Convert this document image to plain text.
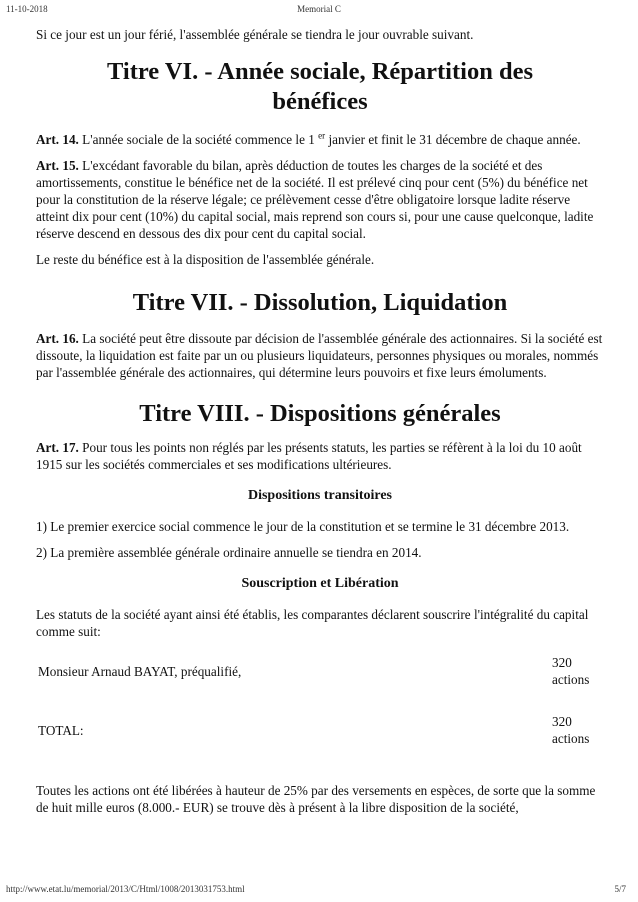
11-10-2018	Memorial C

Si ce jour est un jour férié, l'assemblée générale se tiendra le jour ouvrable suivant.

Titre VI. - Année sociale, Répartition des bénéfices

Art. 14. L'année sociale de la société commence le 1 $^{er}$ janvier et finit le 31 décembre de chaque année.

Art. 15. L'excédant favorable du bilan, après déduction de toutes les charges de la société et des amortissements, constitue le bénéfice net de la société. Il est prélevé cinq pour cent (5%) du bénéfice net pour la constitution de la réserve légale; ce prélèvement cesse d'être obligatoire lorsque ladite réserve atteint dix pour cent (10%) du capital social, mais reprend son cours si, pour une cause quelconque, ladite réserve descend en dessous des dix pour cent du capital social.

Le reste du bénéfice est à la disposition de l'assemblée générale.

Titre VII. - Dissolution, Liquidation

Art. 16. La société peut être dissoute par décision de l'assemblée générale des actionnaires. Si la société est dissoute, la liquidation est faite par un ou plusieurs liquidateurs, personnes physiques ou morales, nommés par l'assemblée générale des actionnaires, qui détermine leurs pouvoirs et fixe leurs émoluments.

Titre VIII. - Dispositions générales

Art. 17. Pour tous les points non réglés par les présents statuts, les parties se réfèrent à la loi du 10 août 1915 sur les sociétés commerciales et ses modifications ultérieures.

Dispositions transitoires

1) Le premier exercice social commence le jour de la constitution et se termine le 31 décembre 2013.

2) La première assemblée générale ordinaire annuelle se tiendra en 2014.

Souscription et Libération

Les statuts de la société ayant ainsi été établis, les comparantes déclarent souscrire l'intégralité du capital comme suit:

Monsieur Arnaud BAYAT, préqualifié,	320
actions
TOTAL:	320
actions

Toutes les actions ont été libérées à hauteur de 25% par des versements en espèces, de sorte que la somme de huit mille euros (8.000.- EUR) se trouve dès à présent à la libre disposition de la société,

http://www.etat.lu/memorial/2013/C/Html/1008/2013031753.html	5/7
